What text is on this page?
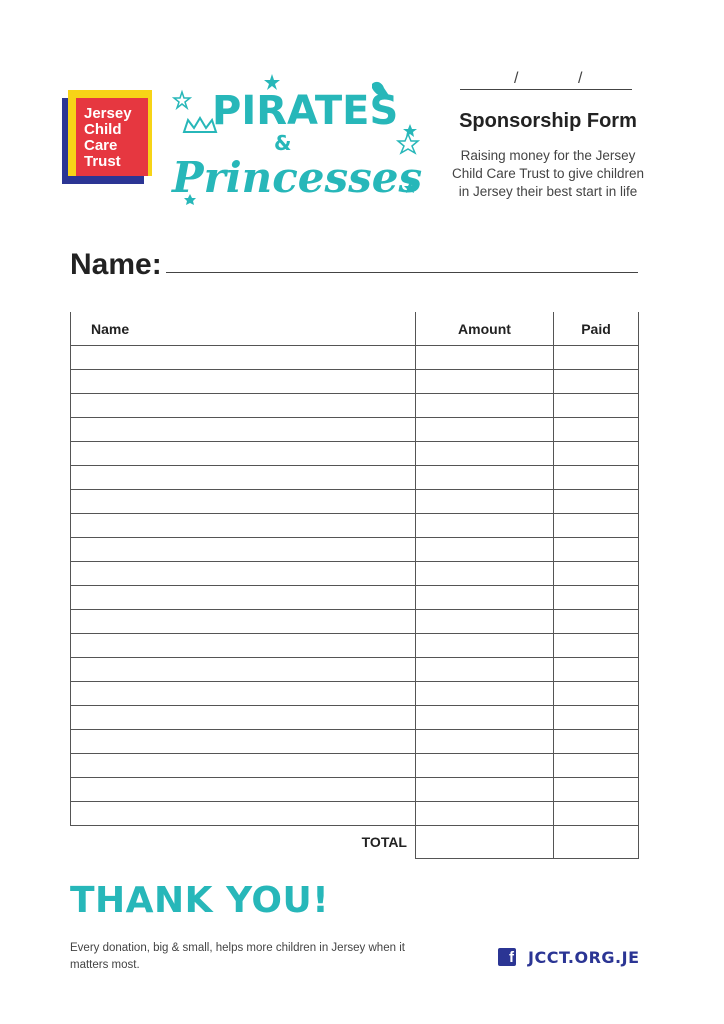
Jersey
Child
Care
Trust
PIRATES
&
Princesses
/	/
Sponsorship Form
Raising money for the Jersey Child Care Trust to give children in Jersey their best start in life
Name:
Name	Amount	Paid

TOTAL		
THANK YOU!
Every donation, big & small, helps more children in Jersey when it matters most.	f JCCT.ORG.JE
